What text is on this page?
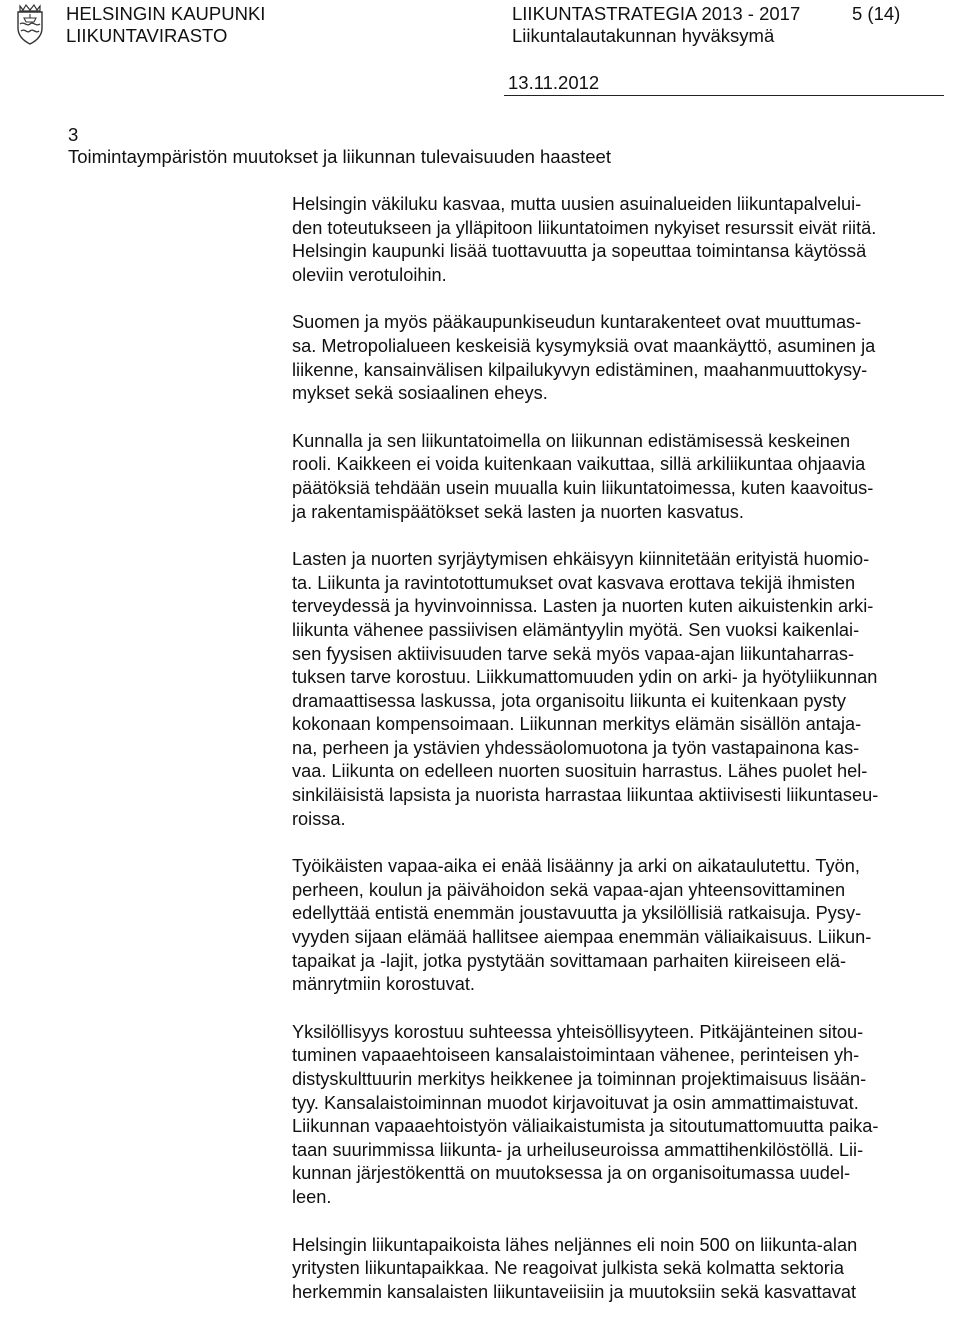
HELSINGIN KAUPUNKI
LIIKUNTAVIRASTO
LIIKUNTASTRATEGIA 2013 - 2017	5 (14)
Liikuntalautakunnan hyväksymä
13.11.2012
3
Toimintaympäristön muutokset ja liikunnan tulevaisuuden haasteet

Helsingin väkiluku kasvaa, mutta uusien asuinalueiden liikuntapalvelui-
den toteutukseen ja ylläpitoon liikuntatoimen nykyiset resurssit eivät riitä.
Helsingin kaupunki lisää tuottavuutta ja sopeuttaa toimintansa käytössä
oleviin verotuloihin.

Suomen ja myös pääkaupunkiseudun kuntarakenteet ovat muuttumas-
sa. Metropolialueen keskeisiä kysymyksiä ovat maankäyttö, asuminen ja
liikenne, kansainvälisen kilpailukyvyn edistäminen, maahanmuuttokysy-
mykset sekä sosiaalinen eheys.

Kunnalla ja sen liikuntatoimella on liikunnan edistämisessä keskeinen
rooli. Kaikkeen ei voida kuitenkaan vaikuttaa, sillä arkiliikuntaa ohjaavia
päätöksiä tehdään usein muualla kuin liikuntatoimessa, kuten kaavoitus-
ja rakentamispäätökset sekä lasten ja nuorten kasvatus.

Lasten ja nuorten syrjäytymisen ehkäisyyn kiinnitetään erityistä huomio-
ta. Liikunta ja ravintotottumukset ovat kasvava erottava tekijä ihmisten
terveydessä ja hyvinvoinnissa. Lasten ja nuorten kuten aikuistenkin arki-
liikunta vähenee passiivisen elämäntyylin myötä. Sen vuoksi kaikenlai-
sen fyysisen aktiivisuuden tarve sekä myös vapaa-ajan liikuntaharras-
tuksen tarve korostuu. Liikkumattomuuden ydin on arki- ja hyötyliikunnan
dramaattisessa laskussa, jota organisoitu liikunta ei kuitenkaan pysty
kokonaan kompensoimaan. Liikunnan merkitys elämän sisällön antaja-
na, perheen ja ystävien yhdessäolomuotona ja työn vastapainona kas-
vaa. Liikunta on edelleen nuorten suosituin harrastus. Lähes puolet hel-
sinkiläisistä lapsista ja nuorista harrastaa liikuntaa aktiivisesti liikuntaseu-
roissa.

Työikäisten vapaa-aika ei enää lisäänny ja arki on aikataulutettu. Työn,
perheen, koulun ja päivähoidon sekä vapaa-ajan yhteensovittaminen
edellyttää entistä enemmän joustavuutta ja yksilöllisiä ratkaisuja. Pysy-
vyyden sijaan elämää hallitsee aiempaa enemmän väliaikaisuus. Liikun-
tapaikat ja -lajit, jotka pystytään sovittamaan parhaiten kiireiseen elä-
mänrytmiin korostuvat.

Yksilöllisyys korostuu suhteessa yhteisöllisyyteen. Pitkäjänteinen sitou-
tuminen vapaaehtoiseen kansalaistoimintaan vähenee, perinteisen yh-
distyskulttuurin merkitys heikkenee ja toiminnan projektimaisuus lisään-
tyy. Kansalaistoiminnan muodot kirjavoituvat ja osin ammattimaistuvat.
Liikunnan vapaaehtoistyön väliaikaistumista ja sitoutumattomuutta paika-
taan suurimmissa liikunta- ja urheiluseuroissa ammattihenkilöstöllä. Lii-
kunnan järjestökenttä on muutoksessa ja on organisoitumassa uudel-
leen.

Helsingin liikuntapaikoista lähes neljännes eli noin 500 on liikunta-alan
yritysten liikuntapaikkaa. Ne reagoivat julkista sekä kolmatta sektoria
herkemmin kansalaisten liikuntaveiisiin ja muutoksiin sekä kasvattavat
